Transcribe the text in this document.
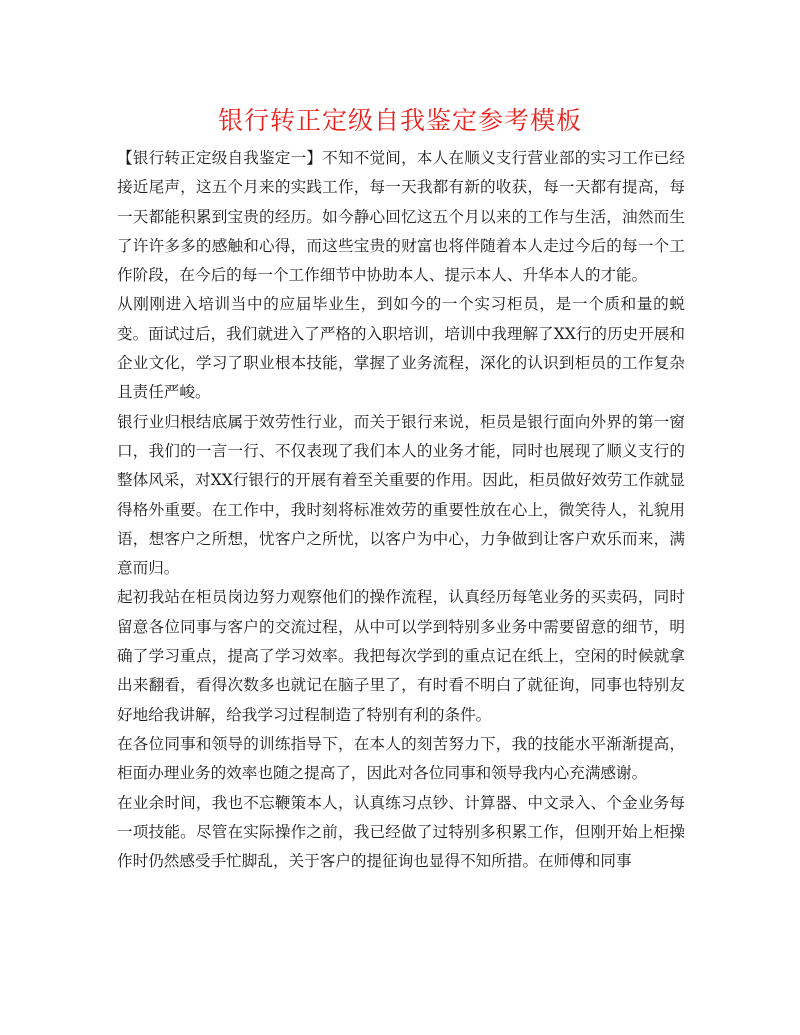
银行转正定级自我鉴定参考模板

【银行转正定级自我鉴定一】不知不觉间，本人在顺义支行营业部的实习工作已经接近尾声，这五个月来的实践工作，每一天我都有新的收获，每一天都有提高，每一天都能积累到宝贵的经历。如今静心回忆这五个月以来的工作与生活，油然而生了许许多多的感触和心得，而这些宝贵的财富也将伴随着本人走过今后的每一个工作阶段，在今后的每一个工作细节中协助本人、提示本人、升华本人的才能。

从刚刚进入培训当中的应届毕业生，到如今的一个实习柜员，是一个质和量的蜕变。面试过后，我们就进入了严格的入职培训，培训中我理解了XX行的历史开展和企业文化，学习了职业根本技能，掌握了业务流程，深化的认识到柜员的工作复杂且责任严峻。

银行业归根结底属于效劳性行业，而关于银行来说，柜员是银行面向外界的第一窗口，我们的一言一行、不仅表现了我们本人的业务才能，同时也展现了顺义支行的整体风采，对XX行银行的开展有着至关重要的作用。因此，柜员做好效劳工作就显得格外重要。在工作中，我时刻将标准效劳的重要性放在心上，微笑待人，礼貌用语，想客户之所想，忧客户之所忧，以客户为中心，力争做到让客户欢乐而来，满意而归。

起初我站在柜员岗边努力观察他们的操作流程，认真经历每笔业务的买卖码，同时留意各位同事与客户的交流过程，从中可以学到特别多业务中需要留意的细节，明确了学习重点，提高了学习效率。我把每次学到的重点记在纸上，空闲的时候就拿出来翻看，看得次数多也就记在脑子里了，有时看不明白了就征询，同事也特别友好地给我讲解，给我学习过程制造了特别有利的条件。

在各位同事和领导的训练指导下，在本人的刻苦努力下，我的技能水平渐渐提高，柜面办理业务的效率也随之提高了，因此对各位同事和领导我内心充满感谢。

在业余时间，我也不忘鞭策本人，认真练习点钞、计算器、中文录入、个金业务每一项技能。尽管在实际操作之前，我已经做了过特别多积累工作，但刚开始上柜操作时仍然感受手忙脚乱，关于客户的提征询也显得不知所措。在师傅和同事
